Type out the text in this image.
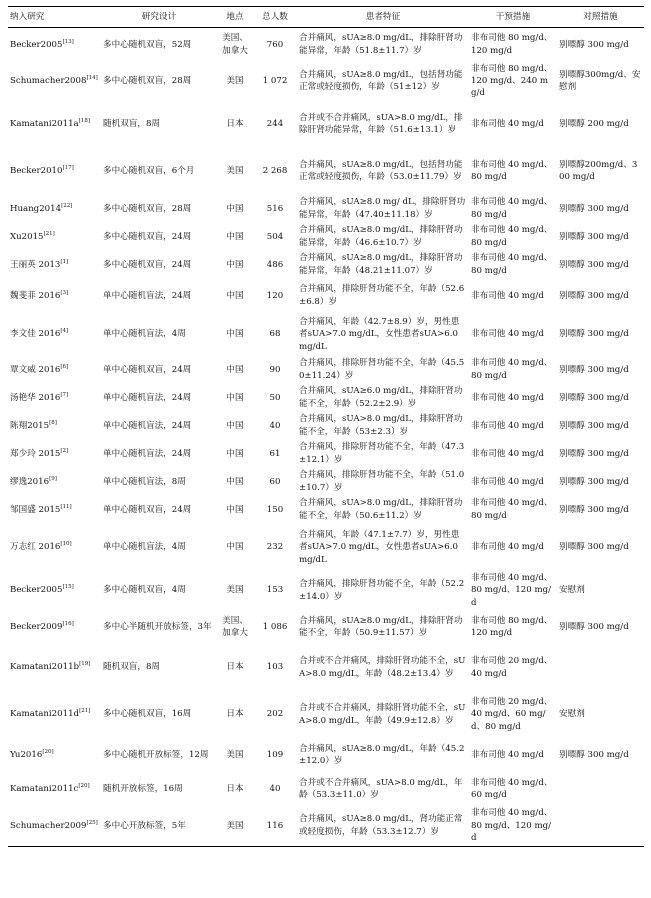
纳入研究	研究设计	地点	总人数	患者特征	干预措施	对照措施
Becker2005[13]	多中心随机双盲，52周	美国、加拿大	760	合并痛风，sUA≥8.0 mg/dL，排除肝肾功能异常，年龄（51.8±11.7）岁	非布司他 80 mg/d、120 mg/d	别嘌醇 300 mg/d
Schumacher2008[14]	多中心随机双盲，28周	美国	1 072	合并痛风，sUA≥8.0 mg/dL，包括肾功能正常或轻度损伤，年龄（51±12）岁	非布司他 80 mg/d、120 mg/d、240 mg/d	别嘌醇300mg/d、安慰剂
Kamatani2011a[18]	随机双盲，8周	日本	244	合并或不合并痛风，sUA>8.0 mg/dL，排除肝肾功能异常，年龄（51.6±13.1）岁	非布司他 40 mg/d	别嘌醇 200 mg/d
Becker2010[17]	多中心随机双盲，6个月	美国	2 268	合并痛风，sUA≥8.0 mg/dL，包括肾功能正常或轻度损伤，年龄（53.0±11.79）岁	非布司他 40 mg/d、80 mg/d	别嘌醇200mg/d、300 mg/d
Huang2014[22]	多中心随机双盲，28周	中国	516	合并痛风，sUA≥8.0 mg/ dL，排除肝肾功能异常，年龄（47.40±11.18）岁	非布司他 40 mg/d、80 mg/d	别嘌醇 300 mg/d
Xu2015[21]	多中心随机双盲，24周	中国	504	合并痛风，sUA≥8.0 mg/dL，排除肝肾功能异常，年龄（46.6±10.7）岁	非布司他 40 mg/d、80 mg/d	别嘌醇 300 mg/d
王丽英 2013[1]	多中心随机双盲，24周	中国	486	合并痛风，sUA≥8.0 mg/dL，排除肝肾功能异常，年龄（48.21±11.07）岁	非布司他 40 mg/d、80 mg/d	别嘌醇 300 mg/d
魏斐菲 2016[3]	单中心随机盲法，24周	中国	120	合并痛风，排除肝肾功能不全，年龄（52.6±6.8）岁	非布司他 40 mg/d	别嘌醇 300 mg/d
李文佳 2016[4]	单中心随机盲法，4周	中国	68	合并痛风，年龄（42.7±8.9）岁，男性患者sUA>7.0 mg/dL，女性患者sUA>6.0 mg/dL	非布司他 40 mg/d	别嘌醇 300 mg/d
覃文威 2016[6]	单中心随机双盲，24周	中国	90	合并痛风，排除肝肾功能不全，年龄（45.50±11.24）岁	非布司他 40 mg/d、80 mg/d	别嘌醇 300 mg/d
汤艳华 2016[7]	单中心随机盲法，24周	中国	50	合并痛风，sUA≥6.0 mg/dL，排除肝肾功能不全，年龄（52.2±2.9）岁	非布司他 40 mg/d	别嘌醇 300 mg/d
陈翔2015[8]	单中心随机盲法，24周	中国	40	合并痛风，sUA>8.0 mg/dL，排除肝肾功能不全，年龄（53±2.3）岁	非布司他 40 mg/d	别嘌醇 300 mg/d
郑少玲 2015[2]	单中心随机盲法，24周	中国	61	合并痛风，排除肝肾功能不全，年龄（47.3±12.1）岁	非布司他 40 mg/d	别嘌醇 300 mg/d
缪逸2016[9]	单中心随机盲法，8周	中国	60	合并痛风，排除肝肾功能不全，年龄（51.0±10.7）岁	非布司他 40 mg/d	别嘌醇 300 mg/d
邹国盛 2015[11]	单中心随机双盲，24周	中国	150	合并痛风，sUA>8.0 mg/dL，排除肝肾功能不全，年龄（50.6±11.2）岁	非布司他 40 mg/d、80 mg/d	别嘌醇 300 mg/d
万志红 2016[10]	单中心随机盲法，4周	中国	232	合并痛风，年龄（47.1±7.7）岁，男性患者sUA>7.0 mg/dL，女性患者sUA>6.0 mg/dL	非布司他 40 mg/d	别嘌醇 300 mg/d
Becker2005[15]	多中心随机双盲，4周	美国	153	合并痛风，排除肝肾功能不全，年龄（52.2±14.0）岁	非布司他 40 mg/d、80 mg/d、120 mg/d	安慰剂
Becker2009[16]	多中心半随机开放标签，3年	美国、加拿大	1 086	合并痛风，sUA≥8.0 mg/dL，排除肝肾功能不全，年龄（50.9±11.57）岁	非布司他 80 mg/d、120 mg/d	别嘌醇 300 mg/d
Kamatani2011b[19]	随机双盲，8周	日本	103	合并或不合并痛风，排除肝肾功能不全，sUA>8.0 mg/dL，年龄（48.2±13.4）岁	非布司他 20 mg/d、40 mg/d	
Kamatani2011d[21]	多中心随机双盲，16周	日本	202	合并或不合并痛风，排除肝肾功能不全，sUA>8.0 mg/dL，年龄（49.9±12.8）岁	非布司他 20 mg/d、40 mg/d、60 mg/d、80 mg/d	安慰剂
Yu2016[20]	多中心随机开放标签，12周	美国	109	合并痛风，sUA≥8.0 mg/dL，年龄（45.2±12.0）岁	非布司他 40 mg/d	别嘌醇 300 mg/d
Kamatani2011c[20]	随机开放标签，16周	日本	40	合并或不合并痛风，sUA>8.0 mg/dL，年龄（53.3±11.0）岁	非布司他 40 mg/d、60 mg/d	
Schumacher2009[25]	多中心开放标签，5年	美国	116	合并痛风，sUA≥8.0 mg/dL，肾功能正常或轻度损伤，年龄（53.3±12.7）岁	非布司他 40 mg/d、80 mg/d、120 mg/d	
